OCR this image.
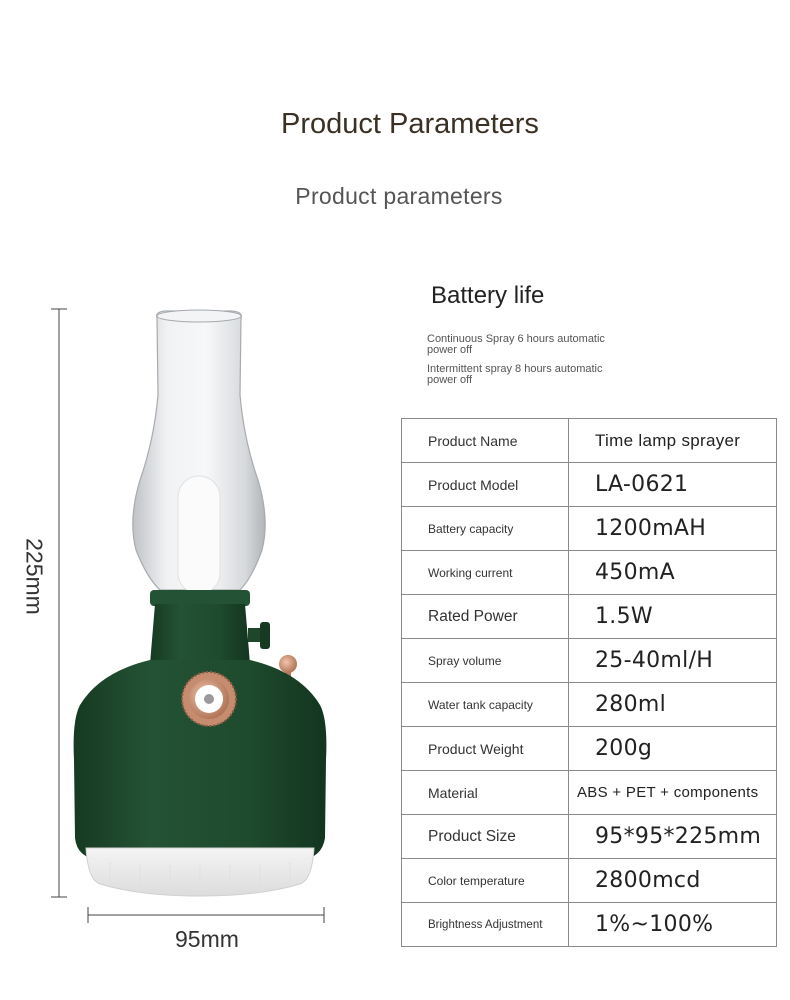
Product Parameters
Product parameters
Battery life
Continuous Spray 6 hours automatic power off
Intermittent spray 8 hours automatic power off
225mm
95mm
Product Name	Time lamp sprayer
Product Model	LA-0621
Battery capacity	1200mAH
Working current	450mA
Rated Power	1.5W
Spray volume	25-40ml/H
Water tank capacity	280ml
Product Weight	200g
Material	ABS + PET + components
Product Size	95*95*225mm
Color temperature	2800mcd
Brightness Adjustment	1%~100%
